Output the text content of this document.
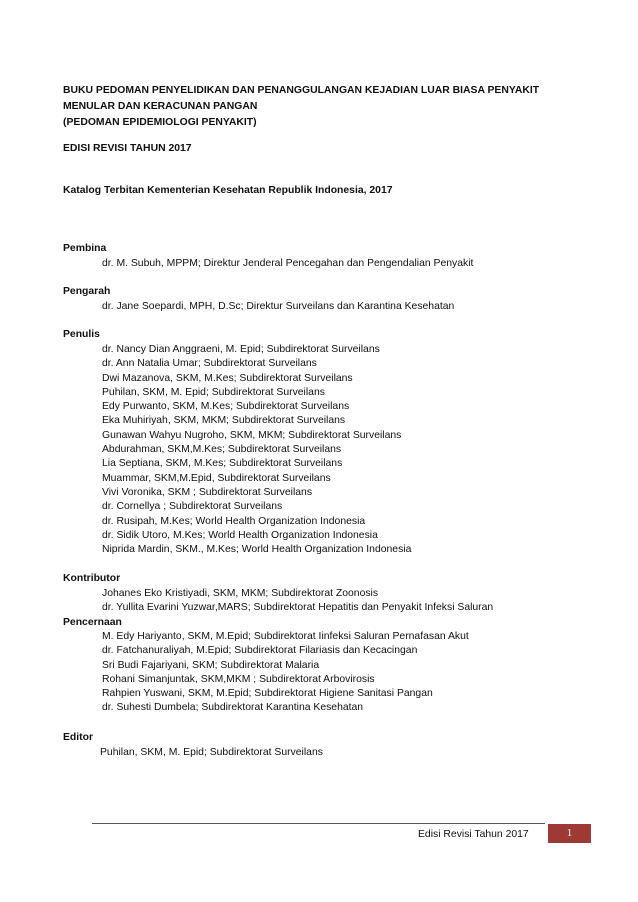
BUKU PEDOMAN PENYELIDIKAN DAN PENANGGULANGAN KEJADIAN LUAR BIASA PENYAKIT
MENULAR DAN KERACUNAN PANGAN
(PEDOMAN EPIDEMIOLOGI PENYAKIT)
EDISI REVISI TAHUN 2017
Katalog Terbitan Kementerian Kesehatan Republik Indonesia, 2017
Pembina
dr. M. Subuh, MPPM; Direktur Jenderal Pencegahan dan Pengendalian Penyakit
Pengarah
dr. Jane Soepardi, MPH, D.Sc; Direktur Surveilans dan Karantina Kesehatan
Penulis
dr. Nancy Dian Anggraeni, M. Epid; Subdirektorat Surveilans
dr. Ann Natalia Umar; Subdirektorat Surveilans
Dwi Mazanova, SKM, M.Kes; Subdirektorat Surveilans
Puhilan, SKM, M. Epid; Subdirektorat Surveilans
Edy Purwanto, SKM, M.Kes; Subdirektorat Surveilans
Eka Muhiriyah, SKM, MKM; Subdirektorat Surveilans
Gunawan Wahyu Nugroho, SKM, MKM; Subdirektorat Surveilans
Abdurahman, SKM,M.Kes; Subdirektorat Surveilans
Lia Septiana, SKM, M.Kes; Subdirektorat Surveilans
Muammar, SKM,M.Epid, Subdirektorat Surveilans
Vivi Voronika, SKM ; Subdirektorat Surveilans
dr. Cornellya ; Subdirektorat Surveilans
dr. Rusipah, M.Kes; World Health Organization Indonesia
dr. Sidik Utoro, M.Kes; World Health Organization Indonesia
Niprida Mardin, SKM., M.Kes; World Health Organization Indonesia
Kontributor
Johanes Eko Kristiyadi, SKM, MKM; Subdirektorat Zoonosis
dr. Yullita Evarini Yuzwar,MARS; Subdirektorat Hepatitis dan Penyakit Infeksi Saluran
Pencernaan
M. Edy Hariyanto, SKM, M.Epid; Subdirektorat Iinfeksi Saluran Pernafasan Akut
dr. Fatchanuraliyah, M.Epid; Subdirektorat Filariasis dan Kecacingan
Sri Budi Fajariyani, SKM; Subdirektorat Malaria
Rohani Simanjuntak, SKM,MKM ; Subdirektorat Arbovirosis
Rahpien Yuswani, SKM, M.Epid; Subdirektorat Higiene Sanitasi Pangan
dr. Suhesti Dumbela; Subdirektorat Karantina Kesehatan
Editor
Puhilan, SKM, M. Epid; Subdirektorat Surveilans
Edisi Revisi Tahun 2017	1
